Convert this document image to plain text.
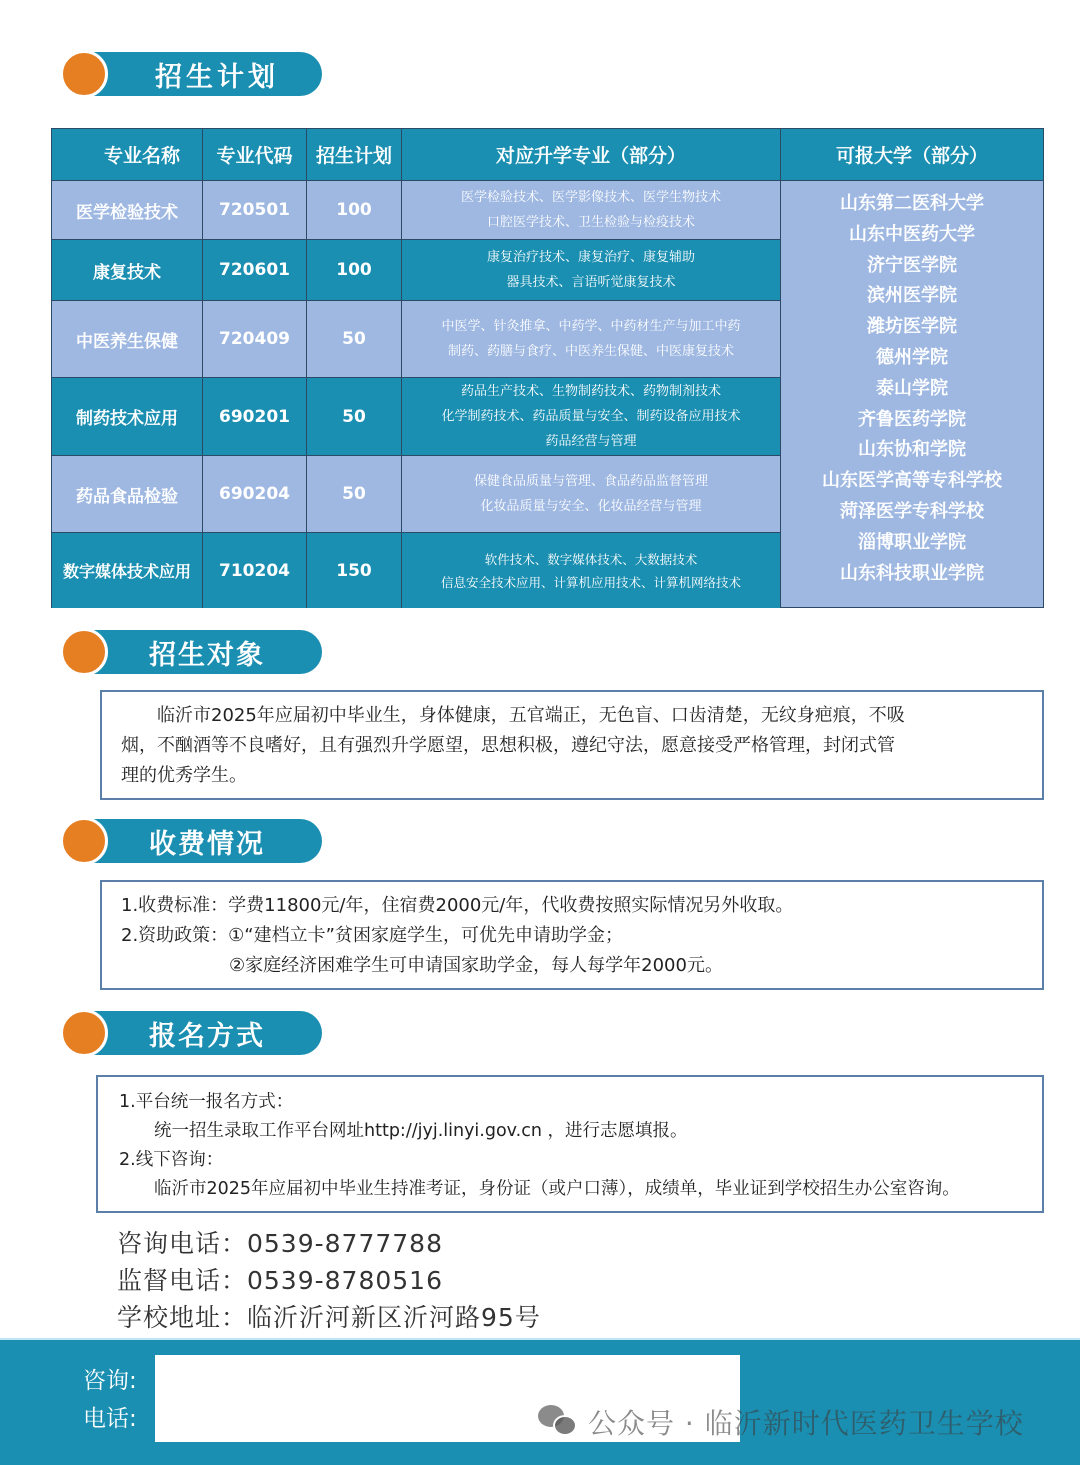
招生计划
专业名称	专业代码	招生计划	对应升学专业（部分）	可报大学（部分）
医学检验技术	720501	100
医学检验技术、医学影像技术、医学生物技术
口腔医学技术、卫生检验与检疫技术
康复技术	720601	100
康复治疗技术、康复治疗、康复辅助
器具技术、言语听觉康复技术
中医养生保健	720409	50
中医学、针灸推拿、中药学、中药材生产与加工中药
制药、药膳与食疗、中医养生保健、中医康复技术
制药技术应用	690201	50
药品生产技术、生物制药技术、药物制剂技术
化学制药技术、药品质量与安全、制药设备应用技术
药品经营与管理
药品食品检验	690204	50
保健食品质量与管理、食品药品监督管理
化妆品质量与安全、化妆品经营与管理
数字媒体技术应用	710204	150
软件技术、数字媒体技术、大数据技术
信息安全技术应用、计算机应用技术、计算机网络技术
山东第二医科大学
山东中医药大学
济宁医学院
滨州医学院
潍坊医学院
德州学院
泰山学院
齐鲁医药学院
山东协和学院
山东医学高等专科学校
菏泽医学专科学校
淄博职业学院
山东科技职业学院
招生对象

　　临沂市2025年应届初中毕业生，身体健康，五官端正，无色盲、口齿清楚，无纹身疤痕，不吸

烟，不酗酒等不良嗜好，且有强烈升学愿望，思想积极，遵纪守法，愿意接受严格管理，封闭式管

理的优秀学生。

收费情况

1.收费标准：学费11800元/年，住宿费2000元/年，代收费按照实际情况另外收取。

2.资助政策：①“建档立卡”贫困家庭学生，可优先申请助学金；

　　　　　　②家庭经济困难学生可申请国家助学金，每人每学年2000元。

报名方式

1.平台统一报名方式：

　　统一招生录取工作平台网址http://jyj.linyi.gov.cn ，进行志愿填报。

2.线下咨询：

　　临沂市2025年应届初中毕业生持准考证，身份证（或户口薄），成绩单，毕业证到学校招生办公室咨询。

咨询电话：0539-8777788
监督电话：0539-8780516
学校地址：临沂沂河新区沂河路95号
咨询:
电话:	公众号 · 临沂新时代医药卫生学校
